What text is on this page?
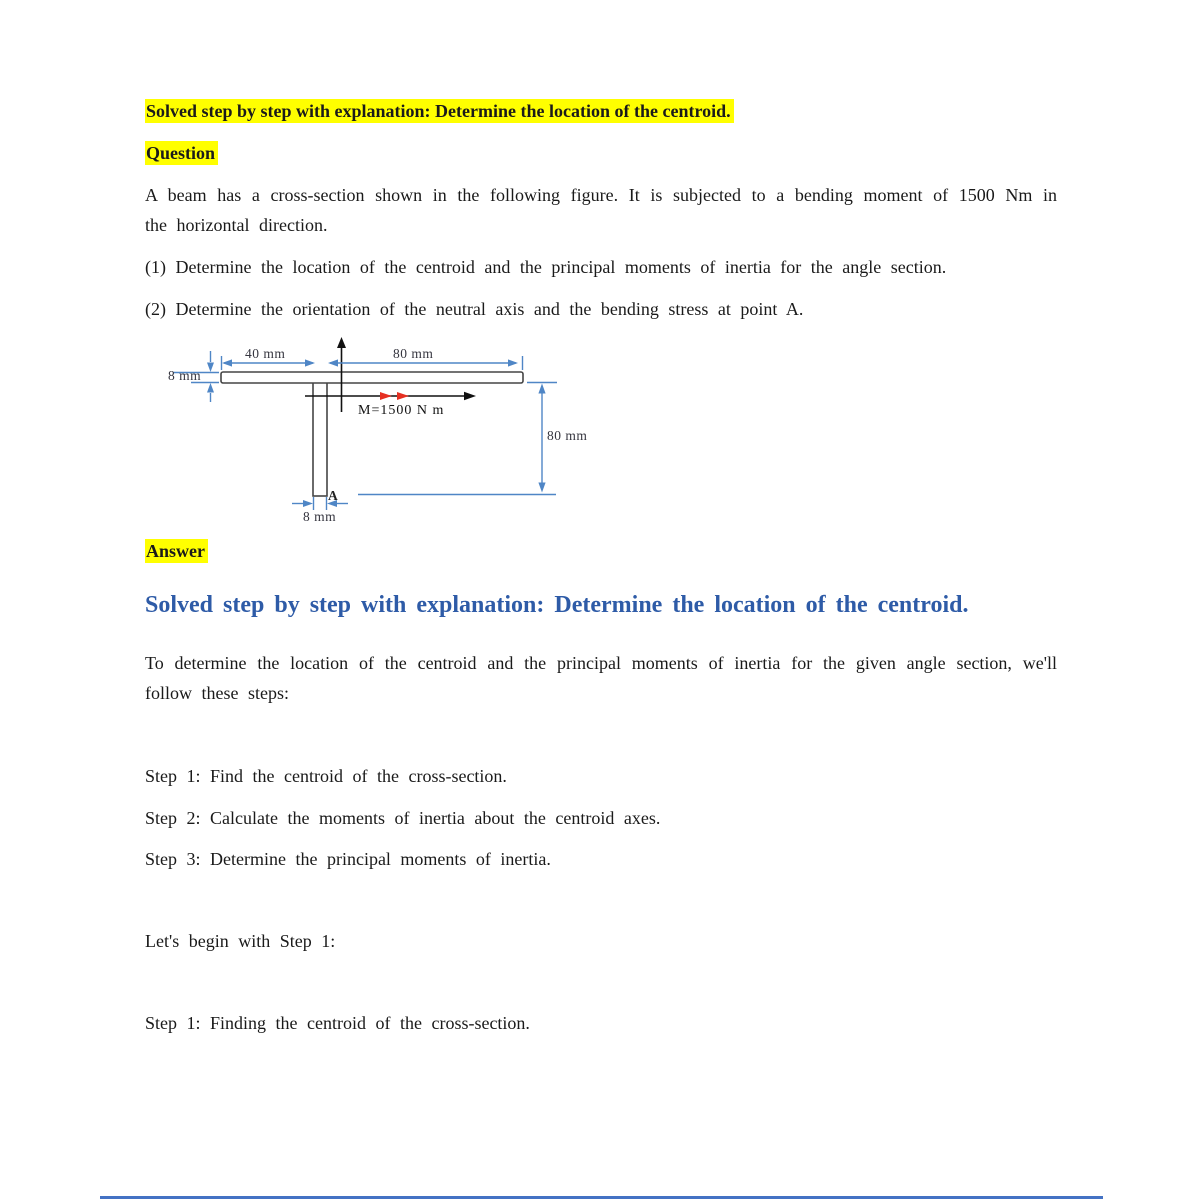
Solved step by step with explanation: Determine the location of the centroid.
Question

A beam has a cross-section shown in the following figure. It is subjected to a bending moment of 1500 Nm in the horizontal direction.

(1) Determine the location of the centroid and the principal moments of inertia for the angle section.

(2) Determine the orientation of the neutral axis and the bending stress at point A.

M=1500 N m
40 mm	80 mm
8 mm
80 mm
8 mm
A
Answer
Solved step by step with explanation: Determine the location of the centroid.

To determine the location of the centroid and the principal moments of inertia for the given angle section, we'll follow these steps:

Step 1: Find the centroid of the cross-section.

Step 2: Calculate the moments of inertia about the centroid axes.

Step 3: Determine the principal moments of inertia.

Let's begin with Step 1:

Step 1: Finding the centroid of the cross-section.
